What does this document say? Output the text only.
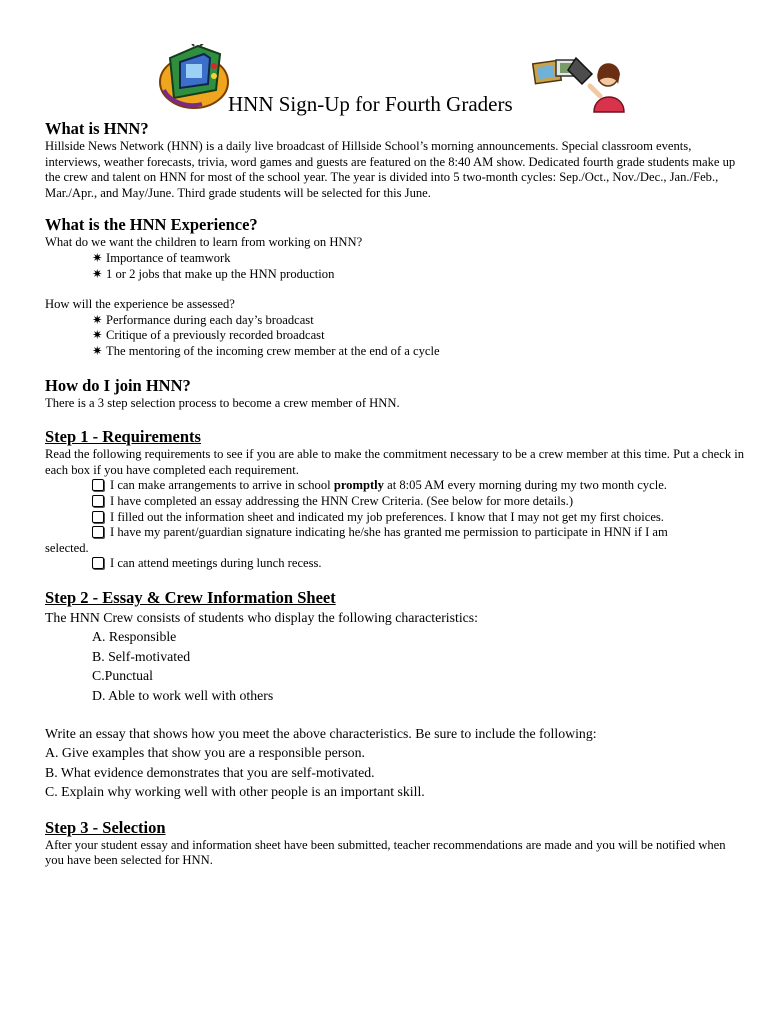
HNN Sign-Up for Fourth Graders
What is HNN?

Hillside News Network (HNN) is a daily live broadcast of Hillside School’s morning announcements. Special classroom events, interviews, weather forecasts, trivia, word games and guests are featured on the 8:40 AM show. Dedicated fourth grade students make up the crew and talent on HNN for most of the school year. The year is divided into 5 two-month cycles: Sep./Oct., Nov./Dec., Jan./Feb., Mar./Apr., and May/June. Third grade students will be selected for this June.

What is the HNN Experience?

What do we want the children to learn from working on HNN?

✷ Importance of teamwork

✷ 1 or 2 jobs that make up the HNN production

How will the experience be assessed?

✷ Performance during each day’s broadcast

✷ Critique of a previously recorded broadcast

✷ The mentoring of the incoming crew member at the end of a cycle

How do I join HNN?

There is a 3 step selection process to become a crew member of HNN.

Step 1 - Requirements

Read the following requirements to see if you are able to make the commitment necessary to be a crew member at this time. Put a check in each box if you have completed each requirement.

I can make arrangements to arrive in school promptly at 8:05 AM every morning during my two month cycle.

I have completed an essay addressing the HNN Crew Criteria. (See below for more details.)

I filled out the information sheet and indicated my job preferences. I know that I may not get my first choices.

I have my parent/guardian signature indicating he/she has granted me permission to participate in HNN if I am

selected.

I can attend meetings during lunch recess.

Step 2 - Essay & Crew Information Sheet

The HNN Crew consists of students who display the following characteristics:

A. Responsible

B. Self-motivated

C.Punctual

D. Able to work well with others

Write an essay that shows how you meet the above characteristics. Be sure to include the following:

A. Give examples that show you are a responsible person.

B. What evidence demonstrates that you are self-motivated.

C. Explain why working well with other people is an important skill.

Step 3 - Selection

After your student essay and information sheet have been submitted, teacher recommendations are made and you will be notified when you have been selected for HNN.
